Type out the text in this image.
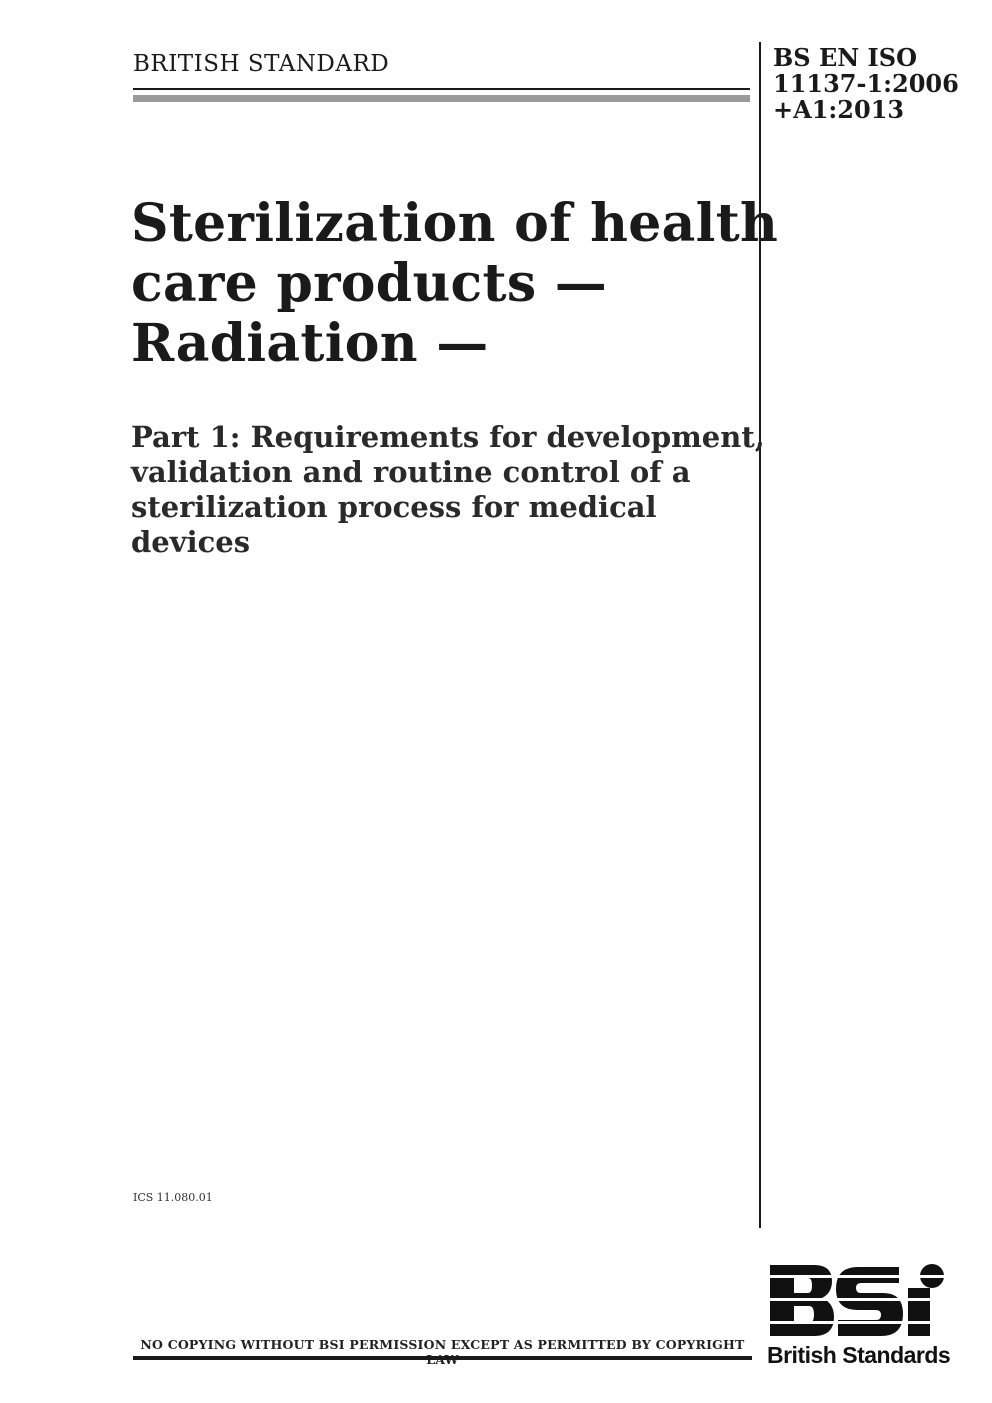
BRITISH STANDARD	BS EN ISO
11137-1:2006
+A1:2013
Sterilization of health
care products —
Radiation —
Part 1: Requirements for development,
validation and routine control of a
sterilization process for medical
devices
ICS 11.080.01
NO COPYING WITHOUT BSI PERMISSION EXCEPT AS PERMITTED BY COPYRIGHT British Standards
